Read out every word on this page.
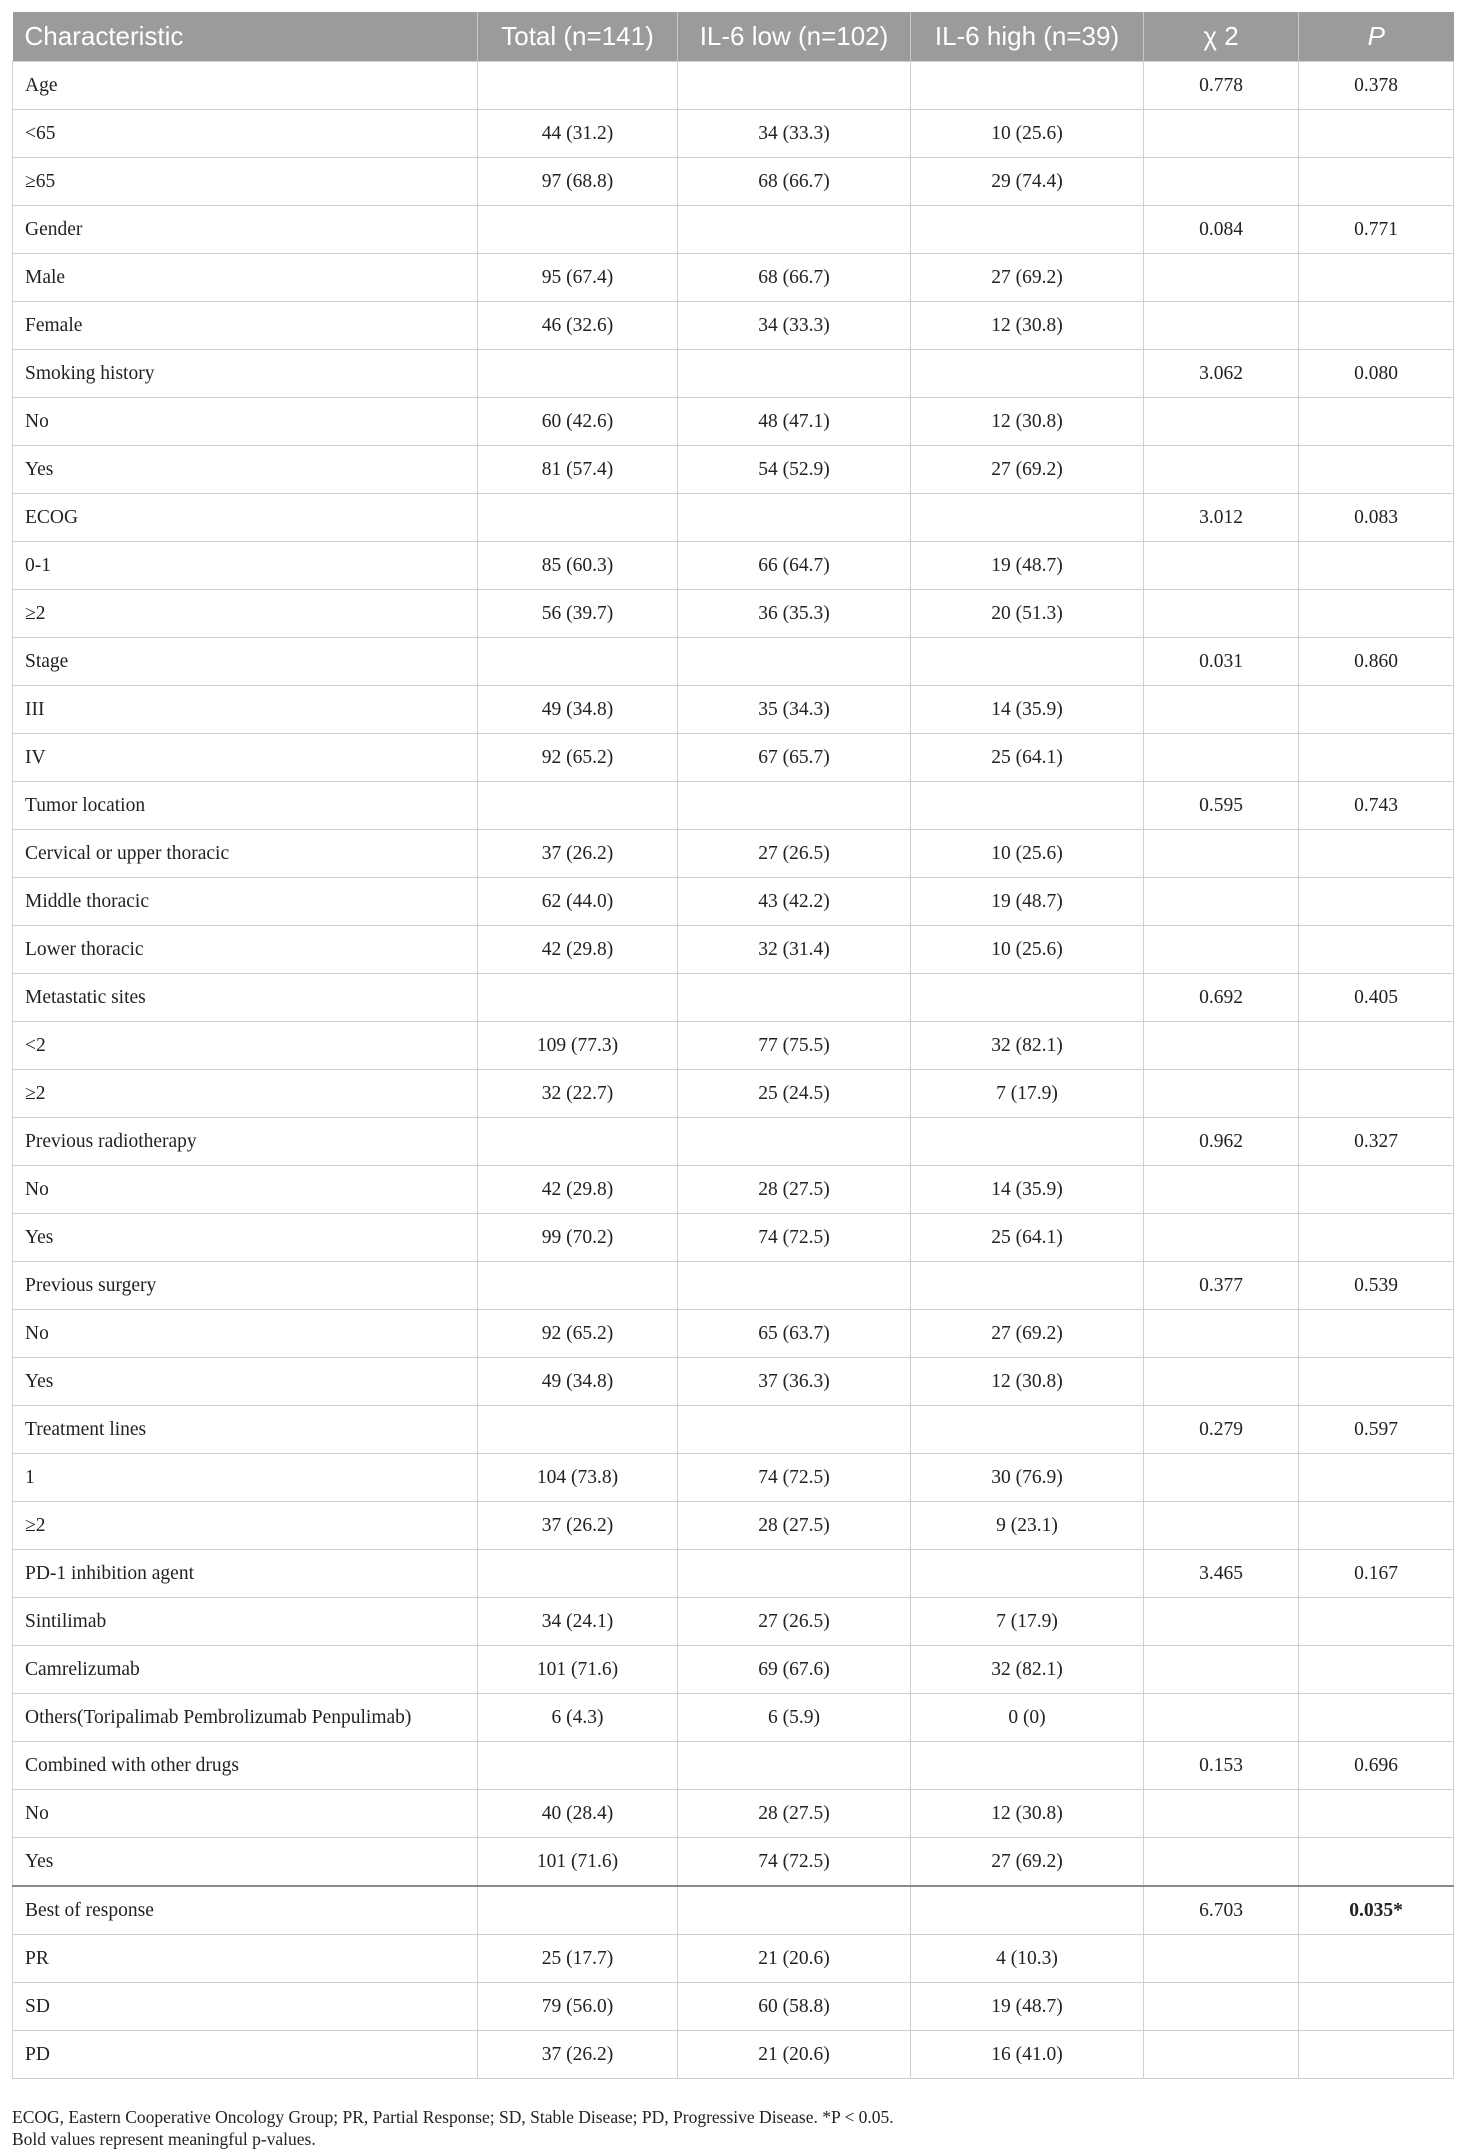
Characteristic	Total (n=141)	IL-6 low (n=102)	IL-6 high (n=39)	χ 2	P
Age				0.778	0.378
<65	44 (31.2)	34 (33.3)	10 (25.6)		
≥65	97 (68.8)	68 (66.7)	29 (74.4)		
Gender				0.084	0.771
Male	95 (67.4)	68 (66.7)	27 (69.2)		
Female	46 (32.6)	34 (33.3)	12 (30.8)		
Smoking history				3.062	0.080
No	60 (42.6)	48 (47.1)	12 (30.8)		
Yes	81 (57.4)	54 (52.9)	27 (69.2)		
ECOG				3.012	0.083
0-1	85 (60.3)	66 (64.7)	19 (48.7)		
≥2	56 (39.7)	36 (35.3)	20 (51.3)		
Stage				0.031	0.860
III	49 (34.8)	35 (34.3)	14 (35.9)		
IV	92 (65.2)	67 (65.7)	25 (64.1)		
Tumor location				0.595	0.743
Cervical or upper thoracic	37 (26.2)	27 (26.5)	10 (25.6)		
Middle thoracic	62 (44.0)	43 (42.2)	19 (48.7)		
Lower thoracic	42 (29.8)	32 (31.4)	10 (25.6)		
Metastatic sites				0.692	0.405
<2	109 (77.3)	77 (75.5)	32 (82.1)		
≥2	32 (22.7)	25 (24.5)	7 (17.9)		
Previous radiotherapy				0.962	0.327
No	42 (29.8)	28 (27.5)	14 (35.9)		
Yes	99 (70.2)	74 (72.5)	25 (64.1)		
Previous surgery				0.377	0.539
No	92 (65.2)	65 (63.7)	27 (69.2)		
Yes	49 (34.8)	37 (36.3)	12 (30.8)		
Treatment lines				0.279	0.597
1	104 (73.8)	74 (72.5)	30 (76.9)		
≥2	37 (26.2)	28 (27.5)	9 (23.1)		
PD-1 inhibition agent				3.465	0.167
Sintilimab	34 (24.1)	27 (26.5)	7 (17.9)		
Camrelizumab	101 (71.6)	69 (67.6)	32 (82.1)		
Others(Toripalimab Pembrolizumab Penpulimab)	6 (4.3)	6 (5.9)	0 (0)		
Combined with other drugs				0.153	0.696
No	40 (28.4)	28 (27.5)	12 (30.8)		
Yes	101 (71.6)	74 (72.5)	27 (69.2)		
Best of response				6.703	0.035*
PR	25 (17.7)	21 (20.6)	4 (10.3)		
SD	79 (56.0)	60 (58.8)	19 (48.7)		
PD	37 (26.2)	21 (20.6)	16 (41.0)		
ECOG, Eastern Cooperative Oncology Group; PR, Partial Response; SD, Stable Disease; PD, Progressive Disease. *P < 0.05.
Bold values represent meaningful p-values.
